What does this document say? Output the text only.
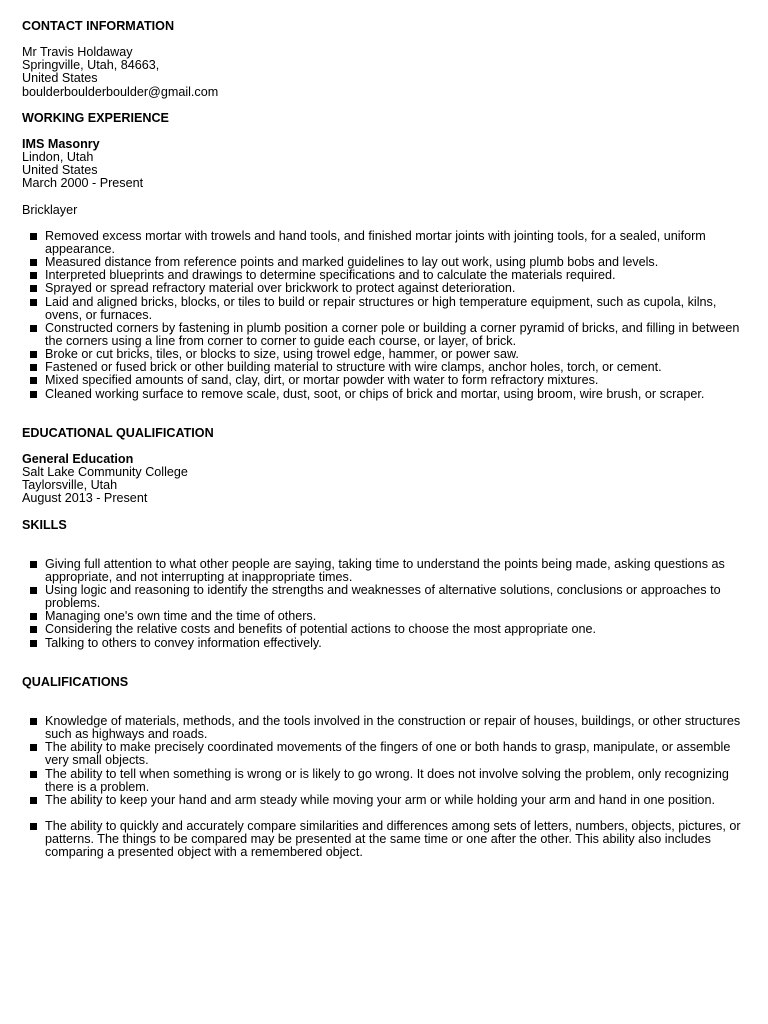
CONTACT INFORMATION
Mr Travis Holdaway
Springville, Utah, 84663,
United States
boulderboulderboulder@gmail.com
WORKING EXPERIENCE
IMS Masonry
Lindon, Utah
United States
March 2000 - Present
Bricklayer
Removed excess mortar with trowels and hand tools, and finished mortar joints with jointing tools, for a sealed, uniform appearance.
Measured distance from reference points and marked guidelines to lay out work, using plumb bobs and levels.
Interpreted blueprints and drawings to determine specifications and to calculate the materials required.
Sprayed or spread refractory material over brickwork to protect against deterioration.
Laid and aligned bricks, blocks, or tiles to build or repair structures or high temperature equipment, such as cupola, kilns, ovens, or furnaces.
Constructed corners by fastening in plumb position a corner pole or building a corner pyramid of bricks, and filling in between the corners using a line from corner to corner to guide each course, or layer, of brick.
Broke or cut bricks, tiles, or blocks to size, using trowel edge, hammer, or power saw.
Fastened or fused brick or other building material to structure with wire clamps, anchor holes, torch, or cement.
Mixed specified amounts of sand, clay, dirt, or mortar powder with water to form refractory mixtures.
Cleaned working surface to remove scale, dust, soot, or chips of brick and mortar, using broom, wire brush, or scraper.
EDUCATIONAL QUALIFICATION
General Education
Salt Lake Community College
Taylorsville, Utah
August 2013 - Present
SKILLS
Giving full attention to what other people are saying, taking time to understand the points being made, asking questions as appropriate, and not interrupting at inappropriate times.
Using logic and reasoning to identify the strengths and weaknesses of alternative solutions, conclusions or approaches to problems.
Managing one's own time and the time of others.
Considering the relative costs and benefits of potential actions to choose the most appropriate one.
Talking to others to convey information effectively.
QUALIFICATIONS
Knowledge of materials, methods, and the tools involved in the construction or repair of houses, buildings, or other structures such as highways and roads.
The ability to make precisely coordinated movements of the fingers of one or both hands to grasp, manipulate, or assemble very small objects.
The ability to tell when something is wrong or is likely to go wrong. It does not involve solving the problem, only recognizing there is a problem.
The ability to keep your hand and arm steady while moving your arm or while holding your arm and hand in one position.
The ability to quickly and accurately compare similarities and differences among sets of letters, numbers, objects, pictures, or patterns. The things to be compared may be presented at the same time or one after the other. This ability also includes comparing a presented object with a remembered object.
